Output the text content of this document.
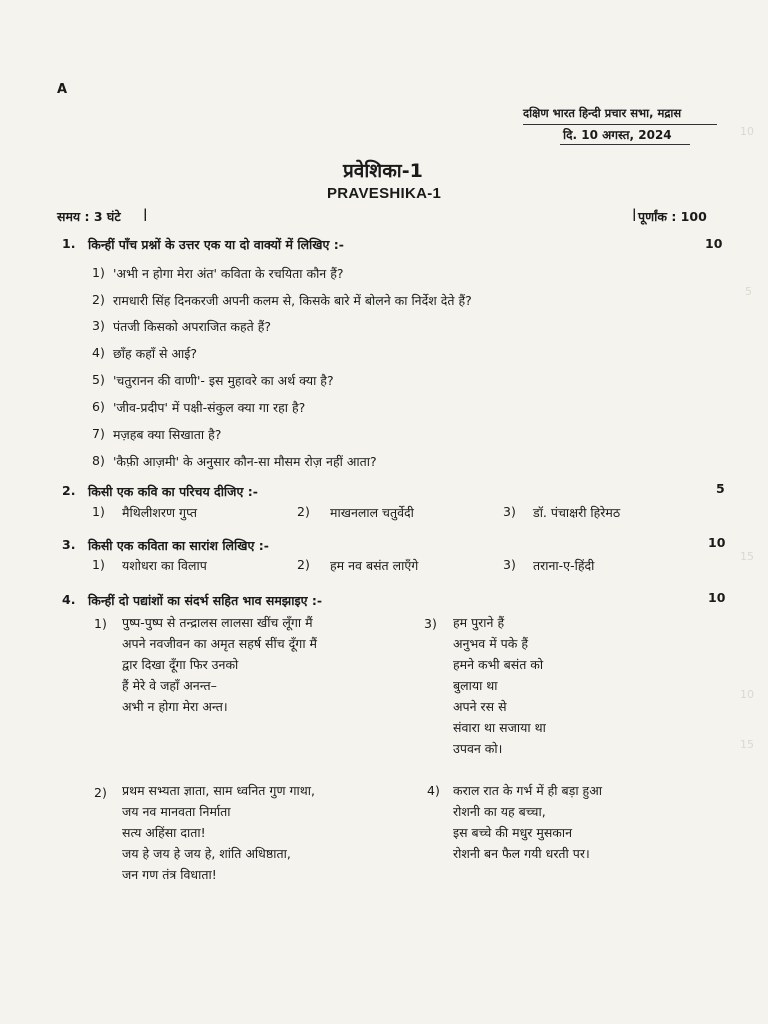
10
5
15
10
15
A
दक्षिण भारत हिन्दी प्रचार सभा, मद्रास
दि. 10 अगस्त, 2024
प्रवेशिका-1
PRAVESHIKA-1
समय : 3 घंटे |	| पूर्णांक : 100
1. किन्हीं पाँच प्रश्नों के उत्तर एक या दो वाक्यों में लिखिए :-	10
1) 'अभी न होगा मेरा अंत' कविता के रचयिता कौन हैं?
2) रामधारी सिंह दिनकरजी अपनी कलम से, किसके बारे में बोलने का निर्देश देते हैं?
3) पंतजी किसको अपराजित कहते हैं?
4) छाँह कहाँ से आई?
5) 'चतुरानन की वाणी'- इस मुहावरे का अर्थ क्या है?
6) 'जीव-प्रदीप' में पक्षी-संकुल क्या गा रहा है?
7) मज़हब क्या सिखाता है?
8) 'कैफ़ी आज़मी' के अनुसार कौन-सा मौसम रोज़ नहीं आता?
2. किसी एक कवि का परिचय दीजिए :-	5
1) मैथिलीशरण गुप्त	2) माखनलाल चतुर्वेदी	3) डॉ. पंचाक्षरी हिरेमठ
3. किसी एक कविता का सारांश लिखिए :-	10
1) यशोधरा का विलाप	2) हम नव बसंत लाएँगे	3) तराना-ए-हिंदी
4. किन्हीं दो पद्यांशों का संदर्भ सहित भाव समझाइए :-	10
1) पुष्प-पुष्प से तन्द्रालस लालसा खींच लूँगा मैं
अपने नवजीवन का अमृत सहर्ष सींच दूँगा मैं
द्वार दिखा दूँगा फिर उनको
हैं मेरे वे जहाँ अनन्त–
अभी न होगा मेरा अन्त।
3) हम पुराने हैं
अनुभव में पके हैं
हमने कभी बसंत को
बुलाया था
अपने रस से
संवारा था सजाया था
उपवन को।
2) प्रथम सभ्यता ज्ञाता, साम ध्वनित गुण गाथा,
जय नव मानवता निर्माता
सत्य अहिंसा दाता!
जय हे जय हे जय हे, शांति अधिष्ठाता,
जन गण तंत्र विधाता!
4) कराल रात के गर्भ में ही बड़ा हुआ
रोशनी का यह बच्चा,
इस बच्चे की मधुर मुसकान
रोशनी बन फैल गयी धरती पर।
